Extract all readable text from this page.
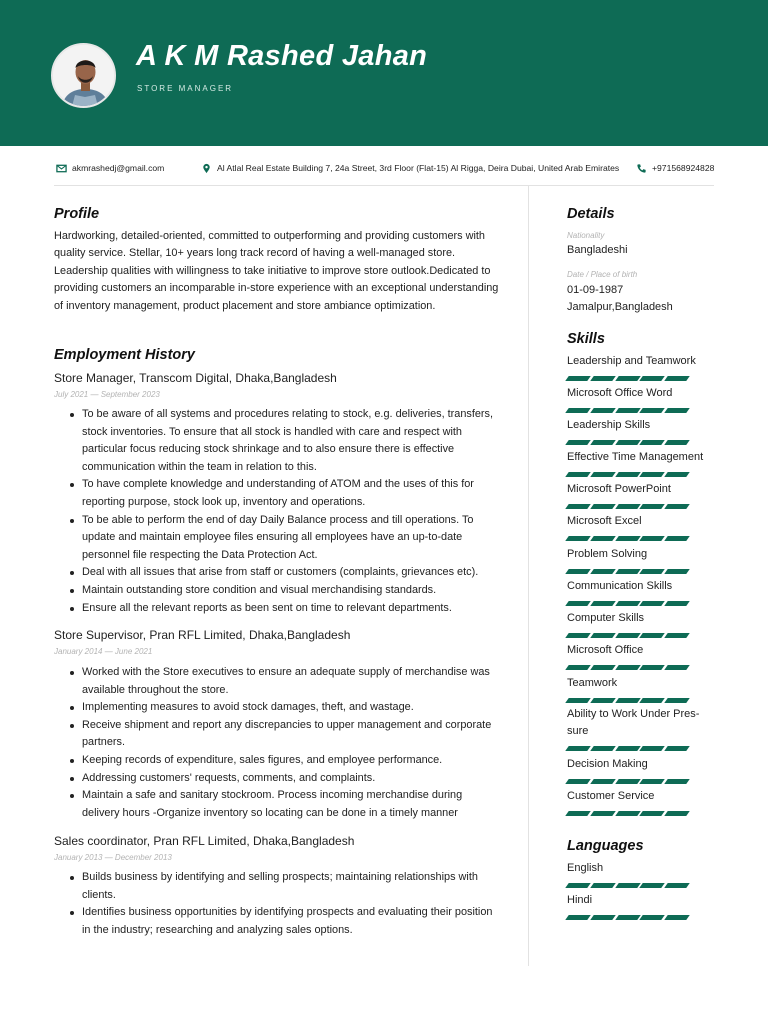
A K M Rashed Jahan
STORE MANAGER
akmrashedj@gmail.com	Al Atlal Real Estate Building 7, 24a Street, 3rd Floor (Flat-15) Al Rigga, Deira Dubai, United Arab Emirates	+971568924828
Profile
Hardworking, detailed-oriented, committed to outperforming and providing customers with quality service. Stellar, 10+ years long track record of having a well-managed store. Leadership qualities with willingness to take initiative to improve store outlook.Dedicated to providing customers an incomparable in-store experience with an exceptional understanding of inventory management, product placement and store ambiance optimization.
Employment History
Store Manager, Transcom Digital, Dhaka,Bangladesh
July 2021 — September 2023
To be aware of all systems and procedures relating to stock, e.g. deliveries, transfers, stock inventories. To ensure that all stock is handled with care and respect with particular focus reducing stock shrinkage and to also ensure there is effective communication within the team in relation to this.
To have complete knowledge and understanding of ATOM and the uses of this for reporting purpose, stock look up, inventory and operations.
To be able to perform the end of day Daily Balance process and till operations. To update and maintain employee files ensuring all employees have an up-to-date personnel file respecting the Data Protection Act.
Deal with all issues that arise from staff or customers (complaints, grievances etc).
Maintain outstanding store condition and visual merchandising standards.
Ensure all the relevant reports as been sent on time to relevant departments.
Store Supervisor, Pran RFL Limited, Dhaka,Bangladesh
January 2014 — June 2021
Worked with the Store executives to ensure an adequate supply of merchandise was available throughout the store.
Implementing measures to avoid stock damages, theft, and wastage.
Receive shipment and report any discrepancies to upper management and corporate partners.
Keeping records of expenditure, sales figures, and employee performance.
Addressing customers' requests, comments, and complaints.
Maintain a safe and sanitary stockroom. Process incoming merchandise during delivery hours -Organize inventory so locating can be done in a timely manner
Sales coordinator, Pran RFL Limited, Dhaka,Bangladesh
January 2013 — December 2013
Builds business by identifying and selling prospects; maintaining relationships with clients.
Identifies business opportunities by identifying prospects and evaluating their position in the industry; researching and analyzing sales options.
Details
Nationality
Bangladeshi
Date / Place of birth
01-09-1987
Jamalpur,Bangladesh
Skills
Leadership and Teamwork
Microsoft Office Word
Leadership Skills
Effective Time Management
Microsoft PowerPoint
Microsoft Excel
Problem Solving
Communication Skills
Computer Skills
Microsoft Office
Teamwork
Ability to Work Under Pres-sure
Decision Making
Customer Service
Languages
English
Hindi
